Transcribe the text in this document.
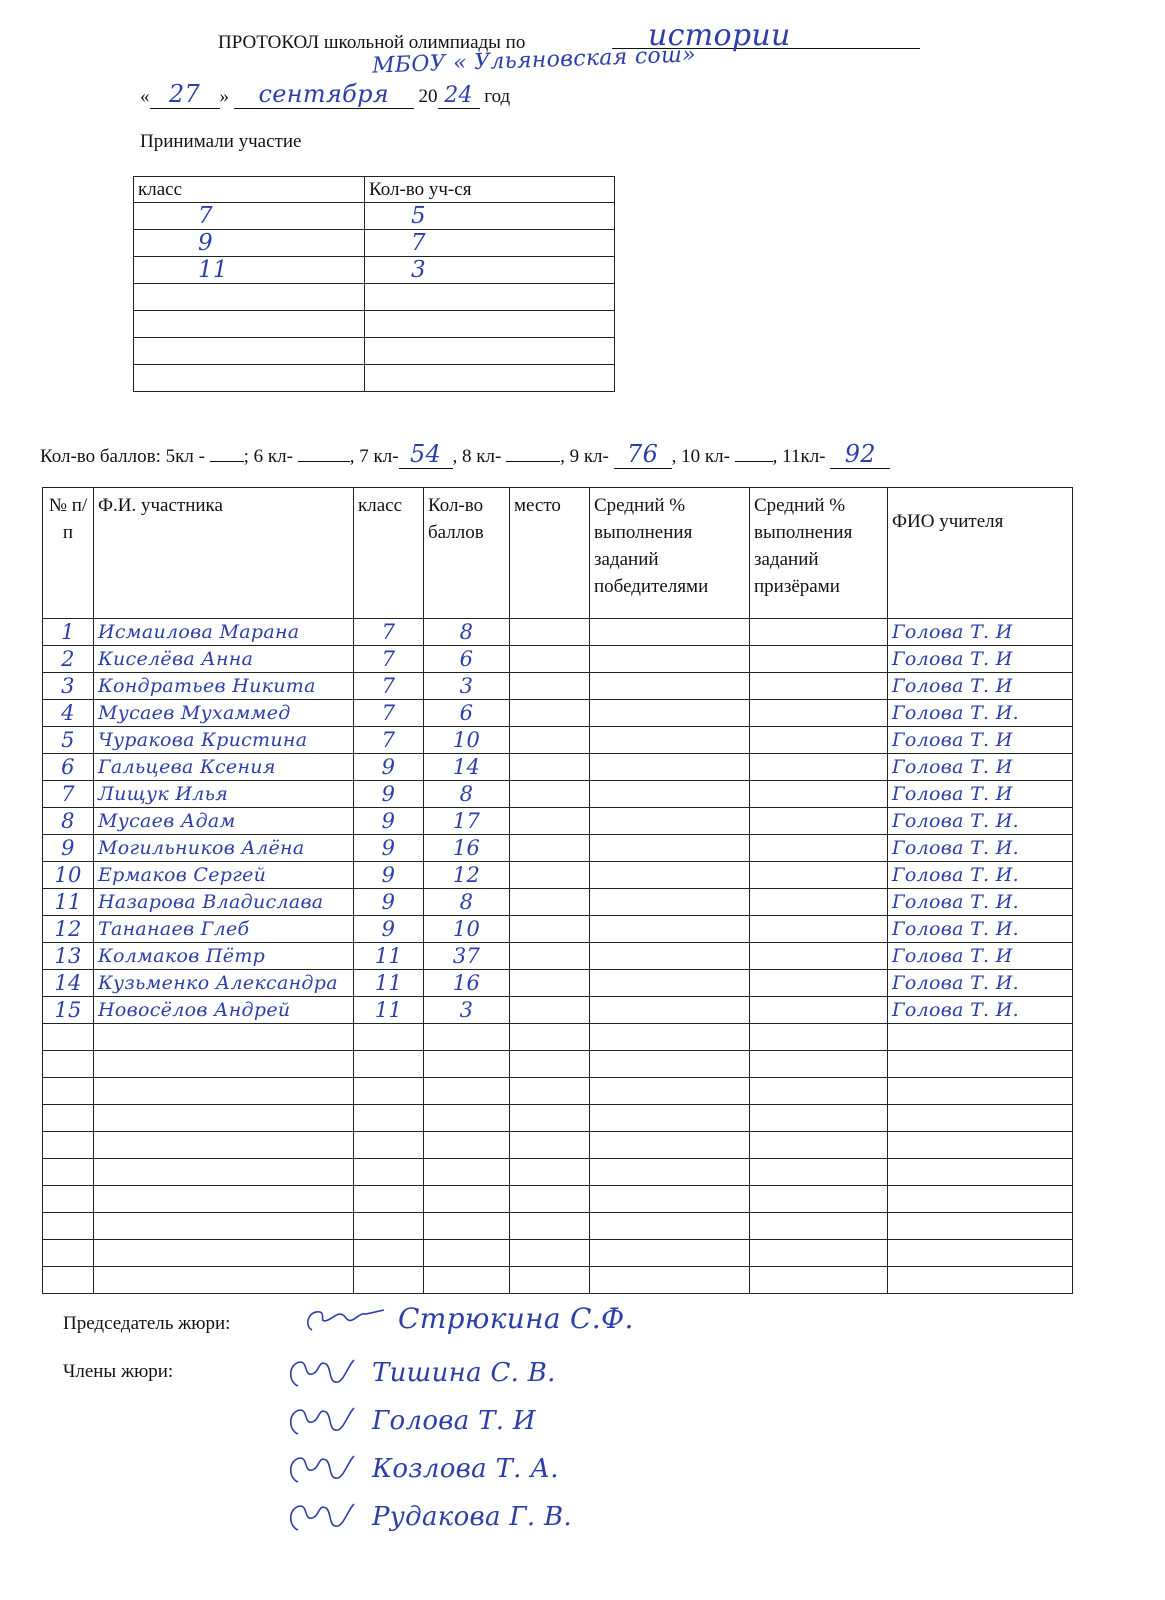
ПРОТОКОЛ школьной олимпиады по	истории
МБОУ « Ульяновская сош»
« 27 » сентября 20 24 год
Принимали участие
класс	Кол-во уч-ся
7	5
9	7
11	3

Кол-во баллов: 5кл - ; 6 кл-	, 7 кл- 54 , 8 кл-	, 9 кл- 76 , 10 кл- , 11кл- 92
№ п/п	Ф.И. участника	класс	Кол-во баллов	место	Средний % выполнения заданий победителями	Средний % выполнения заданий призёрами	ФИО учителя
1	Исмаилова Марана	7	8				Голова Т. И
2	Киселёва Анна	7	6				Голова Т. И
3	Кондратьев Никита	7	3				Голова Т. И
4	Мусаев Мухаммед	7	6				Голова Т. И.
5	Чуракова Кристина	7	10				Голова Т. И
6	Гальцева Ксения	9	14				Голова Т. И
7	Лищук Илья	9	8				Голова Т. И
8	Мусаев Адам	9	17				Голова Т. И.
9	Могильников Алёна	9	16				Голова Т. И.
10	Ермаков Сергей	9	12				Голова Т. И.
11	Назарова Владислава	9	8				Голова Т. И.
12	Тананаев Глеб	9	10				Голова Т. И.
13	Колмаков Пётр	11	37				Голова Т. И
14	Кузьменко Александра	11	16				Голова Т. И.
15	Новосёлов Андрей	11	3				Голова Т. И.

Председатель жюри:	Стрюкина С.Ф.
Члены жюри:	Тишина С. В.
Голова Т. И
Козлова Т. А.
Рудакова Г. В.
